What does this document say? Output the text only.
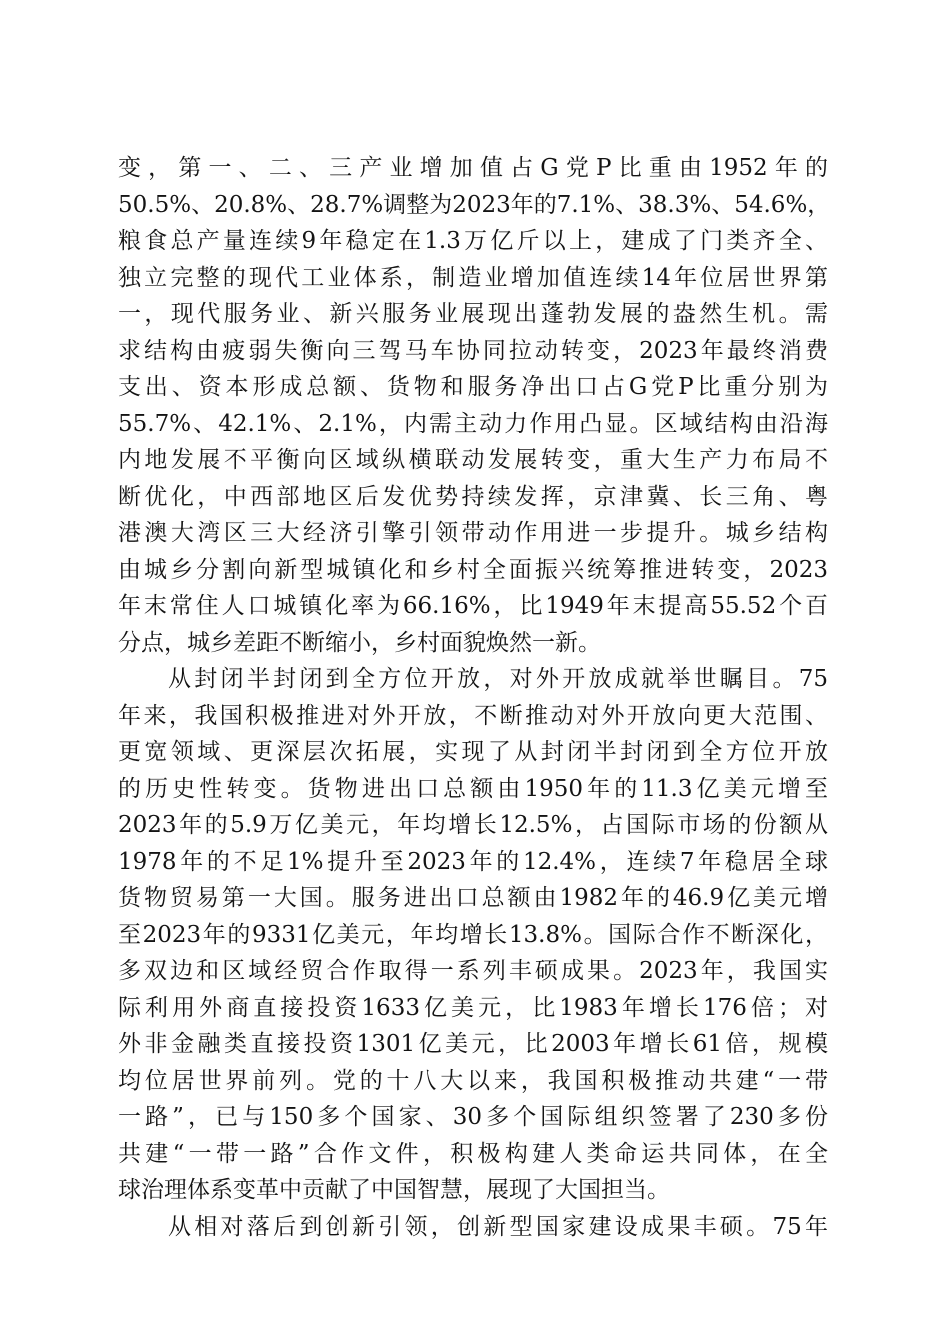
变，第一、二、三产业增加值占G党P比重由1952年的
50.5%、20.8%、28.7%调整为2023年的7.1%、38.3%、54.6%，
粮食总产量连续9年稳定在1.3万亿斤以上，建成了门类齐全、
独立完整的现代工业体系，制造业增加值连续14年位居世界第
一，现代服务业、新兴服务业展现出蓬勃发展的盎然生机。需
求结构由疲弱失衡向三驾马车协同拉动转变，2023年最终消费
支出、资本形成总额、货物和服务净出口占G党P比重分别为
55.7%、42.1%、2.1%，内需主动力作用凸显。区域结构由沿海
内地发展不平衡向区域纵横联动发展转变，重大生产力布局不
断优化，中西部地区后发优势持续发挥，京津冀、长三角、粤
港澳大湾区三大经济引擎引领带动作用进一步提升。城乡结构
由城乡分割向新型城镇化和乡村全面振兴统筹推进转变，2023
年末常住人口城镇化率为66.16%，比1949年末提高55.52个百
分点，城乡差距不断缩小，乡村面貌焕然一新。
从封闭半封闭到全方位开放，对外开放成就举世瞩目。75
年来，我国积极推进对外开放，不断推动对外开放向更大范围、
更宽领域、更深层次拓展，实现了从封闭半封闭到全方位开放
的历史性转变。货物进出口总额由1950年的11.3亿美元增至
2023年的5.9万亿美元，年均增长12.5%，占国际市场的份额从
1978年的不足1%提升至2023年的12.4%，连续7年稳居全球
货物贸易第一大国。服务进出口总额由1982年的46.9亿美元增
至2023年的9331亿美元，年均增长13.8%。国际合作不断深化，
多双边和区域经贸合作取得一系列丰硕成果。2023年，我国实
际利用外商直接投资1633亿美元，比1983年增长176倍；对
外非金融类直接投资1301亿美元，比2003年增长61倍，规模
均位居世界前列。党的十八大以来，我国积极推动共建“一带
一路”，已与150多个国家、30多个国际组织签署了230多份
共建“一带一路”合作文件，积极构建人类命运共同体，在全
球治理体系变革中贡献了中国智慧，展现了大国担当。
从相对落后到创新引领，创新型国家建设成果丰硕。75年
